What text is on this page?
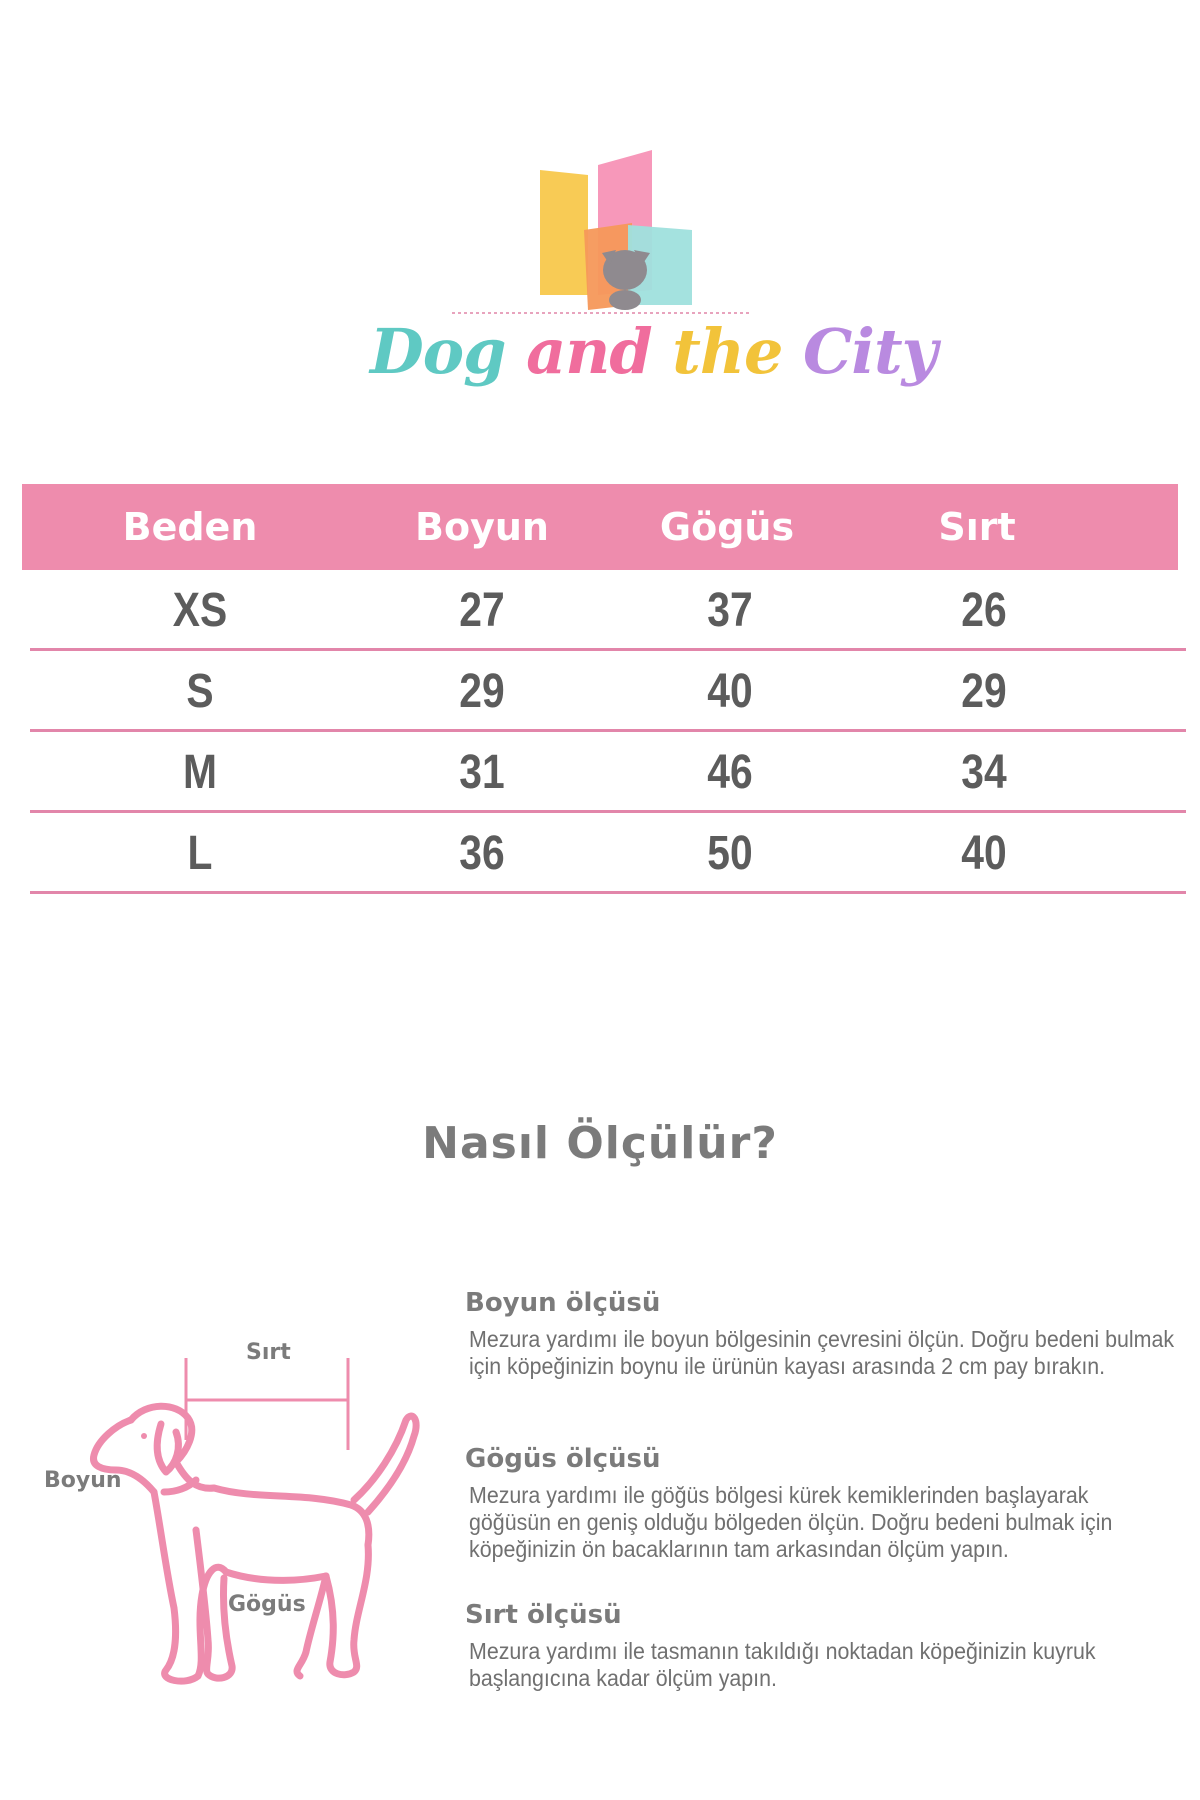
Dog and the City
Beden	Boyun	Gögüs	Sırt
XS	27	37	26
S	29	40	29
M	31	46	34
L	36	50	40
Nasıl Ölçülür?
Sırt
Boyun
Gögüs
Boyun ölçüsü

Mezura yardımı ile boyun bölgesinin çevresini ölçün. Doğru bedeni bulmak için köpeğinizin boynu ile ürünün kayası arasında 2 cm pay bırakın.

Gögüs ölçüsü

Mezura yardımı ile göğüs bölgesi kürek kemiklerinden başlayarak göğüsün en geniş olduğu bölgeden ölçün. Doğru bedeni bulmak için köpeğinizin ön bacaklarının tam arkasından ölçüm yapın.

Sırt ölçüsü

Mezura yardımı ile tasmanın takıldığı noktadan köpeğinizin kuyruk başlangıcına kadar ölçüm yapın.
